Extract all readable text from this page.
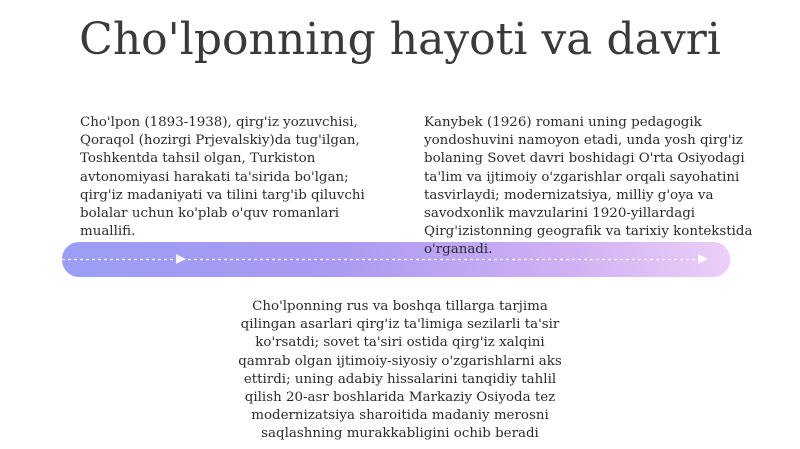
Cho'lponning hayoti va davri
Cho'lpon (1893-1938), qirg'iz yozuvchisi, Qoraqol (hozirgi Prjevalskiy)da tug'ilgan, Toshkentda tahsil olgan, Turkiston avtonomiyasi harakati ta'sirida bo'lgan; qirg'iz madaniyati va tilini targ'ib qiluvchi bolalar uchun ko'plab o'quv romanlari muallifi.
Kanybek (1926) romani uning pedagogik yondoshuvini namoyon etadi, unda yosh qirg'iz bolaning Sovet davri boshidagi O'rta Osiyodagi ta'lim va ijtimoiy o'zgarishlar orqali sayohatini tasvirlaydi; modernizatsiya, milliy g'oya va savodxonlik mavzularini 1920-yillardagi Qirg'izistonning geografik va tarixiy kontekstida o'rganadi.
Cho'lponning rus va boshqa tillarga tarjima qilingan asarlari qirg'iz ta'limiga sezilarli ta'sir ko'rsatdi; sovet ta'siri ostida qirg'iz xalqini qamrab olgan ijtimoiy-siyosiy o'zgarishlarni aks ettirdi; uning adabiy hissalarini tanqidiy tahlil qilish 20-asr boshlarida Markaziy Osiyoda tez modernizatsiya sharoitida madaniy merosni saqlashning murakkabligini ochib beradi
